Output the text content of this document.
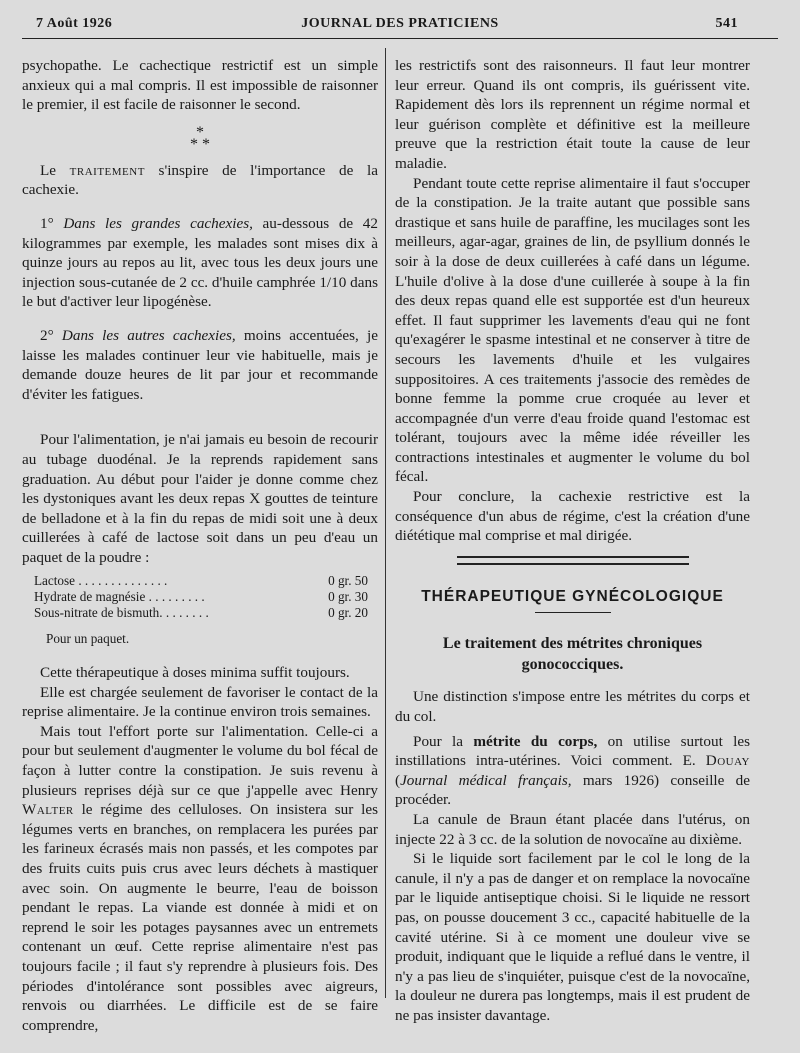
7 Août 1926	JOURNAL DES PRATICIENS	541

psychopathe. Le cachectique restrictif est un simple anxieux qui a mal compris. Il est impossible de raisonner le premier, il est facile de raisonner le second.

*
* *

Le traitement s'inspire de l'importance de la cachexie.

1° Dans les grandes cachexies, au-dessous de 42 kilogrammes par exemple, les malades sont mises dix à quinze jours au repos au lit, avec tous les deux jours une injection sous-cutanée de 2 cc. d'huile camphrée 1/10 dans le but d'activer leur lipogénèse.

2° Dans les autres cachexies, moins accentuées, je laisse les malades continuer leur vie habituelle, mais je demande douze heures de lit par jour et recommande d'éviter les fatigues.

Pour l'alimentation, je n'ai jamais eu besoin de recourir au tubage duodénal. Je la reprends rapidement sans graduation. Au début pour l'aider je donne comme chez les dystoniques avant les deux repas X gouttes de teinture de belladone et à la fin du repas de midi soit une à deux cuillerées à café de lactose soit dans un peu d'eau un paquet de la poudre :

Lactose . . . . . . . . . . . . . .	0 gr. 50
Hydrate de magnésie . . . . . . . . .	0 gr. 30
Sous-nitrate de bismuth. . . . . . . .	0 gr. 20

Pour un paquet.

Cette thérapeutique à doses minima suffit toujours.

Elle est chargée seulement de favoriser le contact de la reprise alimentaire. Je la continue environ trois semaines.

Mais tout l'effort porte sur l'alimentation. Celle-ci a pour but seulement d'augmenter le volume du bol fécal de façon à lutter contre la constipation. Je suis revenu à plusieurs reprises déjà sur ce que j'appelle avec Henry Walter le régime des celluloses. On insistera sur les légumes verts en branches, on remplacera les purées par les farineux écrasés mais non passés, et les compotes par des fruits cuits puis crus avec leurs déchets à mastiquer avec soin. On augmente le beurre, l'eau de boisson pendant le repas. La viande est donnée à midi et on reprend le soir les potages paysannes avec un entremets contenant un œuf. Cette reprise alimentaire n'est pas toujours facile ; il faut s'y reprendre à plusieurs fois. Des périodes d'intolérance sont possibles avec aigreurs, renvois ou diarrhées. Le difficile est de se faire comprendre,

les restrictifs sont des raisonneurs. Il faut leur montrer leur erreur. Quand ils ont compris, ils guérissent vite. Rapidement dès lors ils reprennent un régime normal et leur guérison complète et définitive est la meilleure preuve que la restriction était toute la cause de leur maladie.

Pendant toute cette reprise alimentaire il faut s'occuper de la constipation. Je la traite autant que possible sans drastique et sans huile de paraffine, les mucilages sont les meilleurs, agar-agar, graines de lin, de psyllium donnés le soir à la dose de deux cuillerées à café dans un légume. L'huile d'olive à la dose d'une cuillerée à soupe à la fin des deux repas quand elle est supportée est d'un heureux effet. Il faut supprimer les lavements d'eau qui ne font qu'exagérer le spasme intestinal et ne conserver à titre de secours les lavements d'huile et les vulgaires suppositoires. A ces traitements j'associe des remèdes de bonne femme la pomme crue croquée au lever et accompagnée d'un verre d'eau froide quand l'estomac est tolérant, toujours avec la même idée réveiller les contractions intestinales et augmenter le volume du bol fécal.

Pour conclure, la cachexie restrictive est la conséquence d'un abus de régime, c'est la création d'une diététique mal comprise et mal dirigée.

THÉRAPEUTIQUE GYNÉCOLOGIQUE
Le traitement des métrites chroniques
gonococciques.

Une distinction s'impose entre les métrites du corps et du col.

Pour la métrite du corps, on utilise surtout les instillations intra-utérines. Voici comment. E. Douay (Journal médical français, mars 1926) conseille de procéder.

La canule de Braun étant placée dans l'utérus, on injecte 22 à 3 cc. de la solution de novocaïne au dixième.

Si le liquide sort facilement par le col le long de la canule, il n'y a pas de danger et on remplace la novocaïne par le liquide antiseptique choisi. Si le liquide ne ressort pas, on pousse doucement 3 cc., capacité habituelle de la cavité utérine. Si à ce moment une douleur vive se produit, indiquant que le liquide a reflué dans le ventre, il n'y a pas lieu de s'inquiéter, puisque c'est de la novocaïne, la douleur ne durera pas longtemps, mais il est prudent de ne pas insister davantage.
